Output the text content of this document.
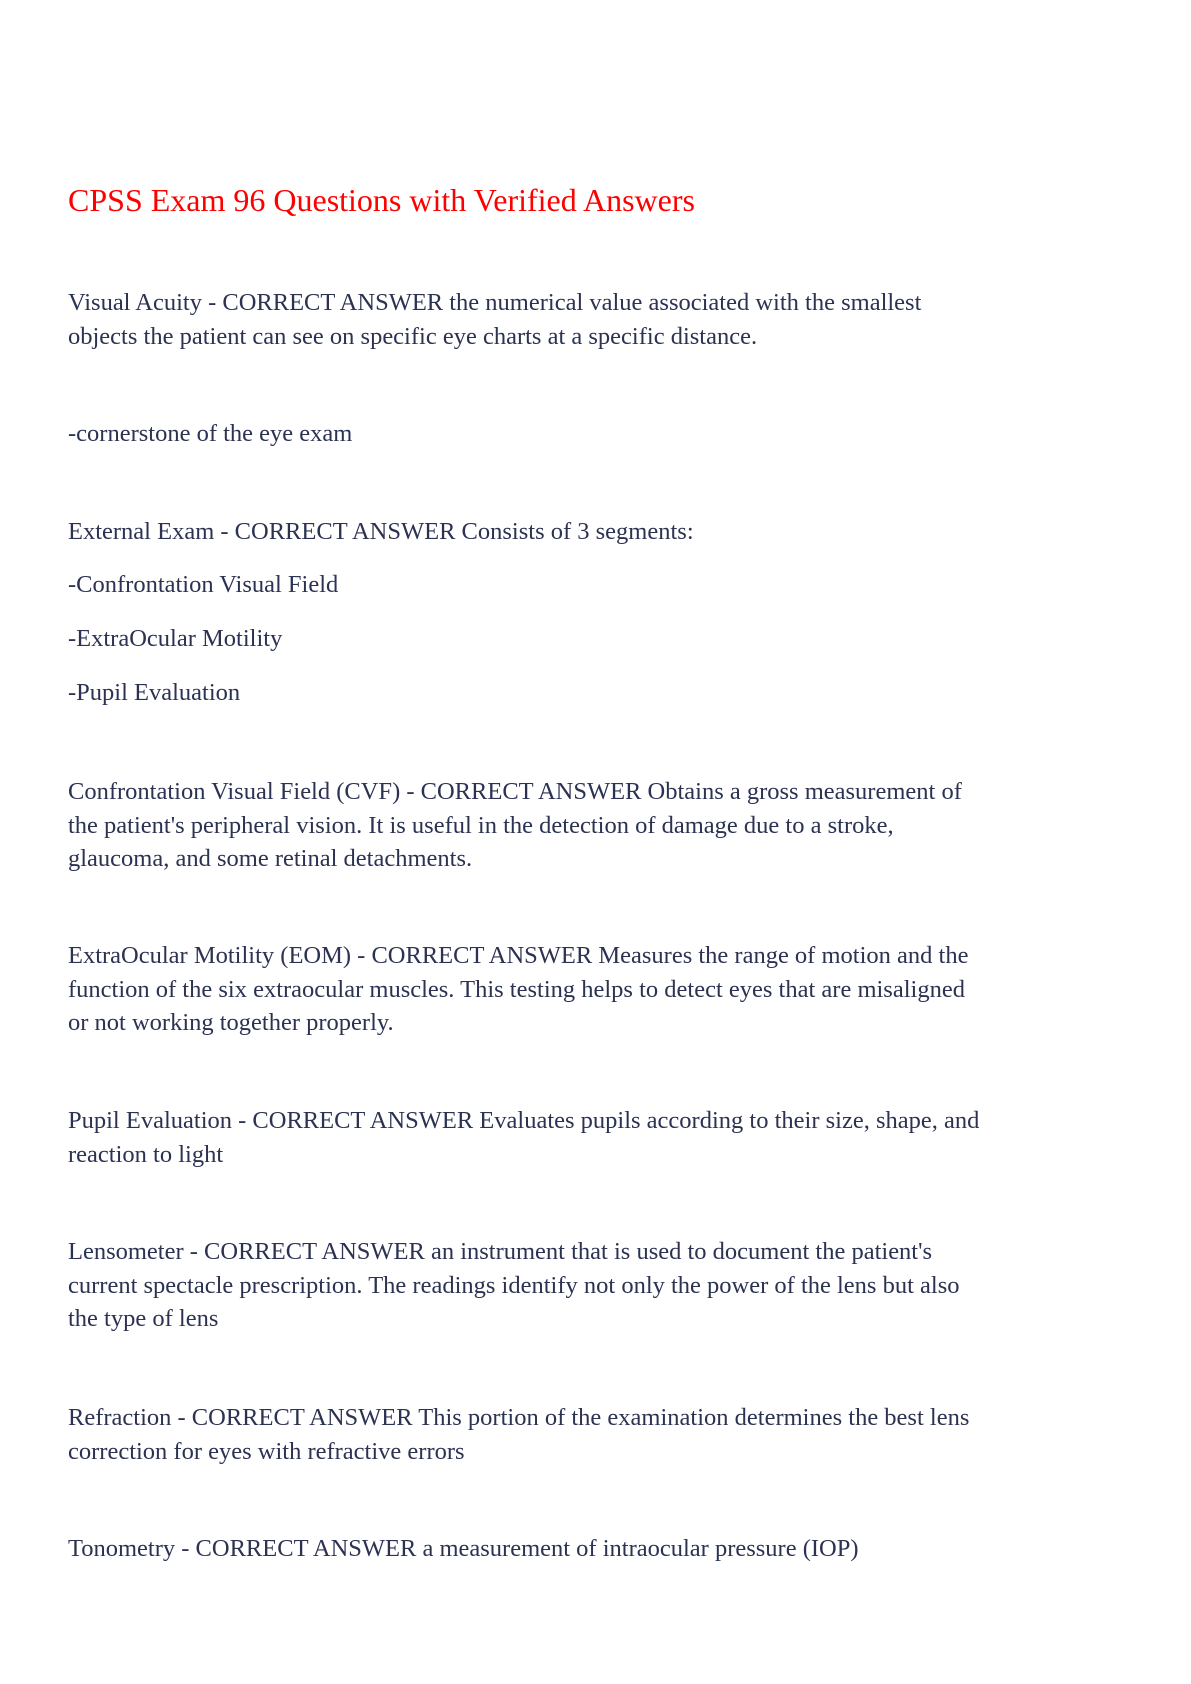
CPSS Exam 96 Questions with Verified Answers
Visual Acuity - CORRECT ANSWER the numerical value associated with the smallest
objects the patient can see on specific eye charts at a specific distance.
-cornerstone of the eye exam
External Exam - CORRECT ANSWER Consists of 3 segments:
-Confrontation Visual Field
-ExtraOcular Motility
-Pupil Evaluation
Confrontation Visual Field (CVF) - CORRECT ANSWER Obtains a gross measurement of
the patient's peripheral vision. It is useful in the detection of damage due to a stroke,
glaucoma, and some retinal detachments.
ExtraOcular Motility (EOM) - CORRECT ANSWER Measures the range of motion and the
function of the six extraocular muscles. This testing helps to detect eyes that are misaligned
or not working together properly.
Pupil Evaluation - CORRECT ANSWER Evaluates pupils according to their size, shape, and
reaction to light
Lensometer - CORRECT ANSWER an instrument that is used to document the patient's
current spectacle prescription. The readings identify not only the power of the lens but also
the type of lens
Refraction - CORRECT ANSWER This portion of the examination determines the best lens
correction for eyes with refractive errors
Tonometry - CORRECT ANSWER a measurement of intraocular pressure (IOP)
